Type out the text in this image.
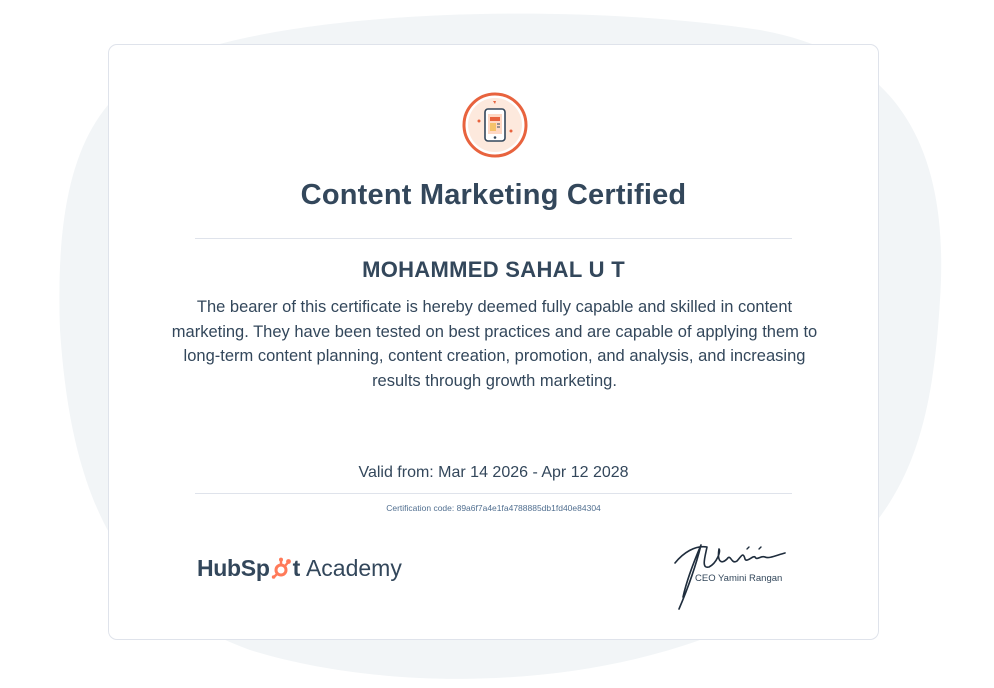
Content Marketing Certified
MOHAMMED SAHAL U T
The bearer of this certificate is hereby deemed fully capable and skilled in content marketing. They have been tested on best practices and are capable of applying them to long-term content planning, content creation, promotion, and analysis, and increasing results through growth marketing.
Valid from: Mar 14 2026 - Apr 12 2028
Certification code: 89a6f7a4e1fa4788885db1fd40e84304
HubSp t Academy	CEO Yamini Rangan
